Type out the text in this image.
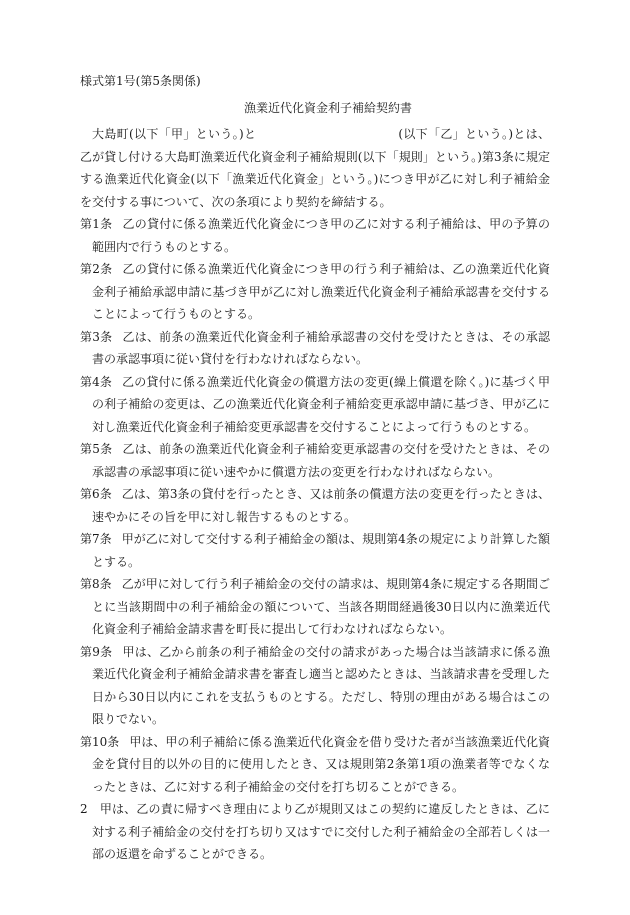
様式第1号(第5条関係)
漁業近代化資金利子補給契約書

大島町(以下「甲」という。)と	(以下「乙」という。)とは、乙が貸し付ける大島町漁業近代化資金利子補給規則(以下「規則」という。)第3条に規定する漁業近代化資金(以下「漁業近代化資金」という。)につき甲が乙に対し利子補給金を交付する事について、次の条項により契約を締結する。

第1条 乙の貸付に係る漁業近代化資金につき甲の乙に対する利子補給は、甲の予算の範囲内で行うものとする。

第2条 乙の貸付に係る漁業近代化資金につき甲の行う利子補給は、乙の漁業近代化資金利子補給承認申請に基づき甲が乙に対し漁業近代化資金利子補給承認書を交付することによって行うものとする。

第3条 乙は、前条の漁業近代化資金利子補給承認書の交付を受けたときは、その承認書の承認事項に従い貸付を行わなければならない。

第4条 乙の貸付に係る漁業近代化資金の償還方法の変更(繰上償還を除く。)に基づく甲の利子補給の変更は、乙の漁業近代化資金利子補給変更承認申請に基づき、甲が乙に対し漁業近代化資金利子補給変更承認書を交付することによって行うものとする。

第5条 乙は、前条の漁業近代化資金利子補給変更承認書の交付を受けたときは、その承認書の承認事項に従い速やかに償還方法の変更を行わなければならない。

第6条 乙は、第3条の貸付を行ったとき、又は前条の償還方法の変更を行ったときは、速やかにその旨を甲に対し報告するものとする。

第7条 甲が乙に対して交付する利子補給金の額は、規則第4条の規定により計算した額とする。

第8条 乙が甲に対して行う利子補給金の交付の請求は、規則第4条に規定する各期間ごとに当該期間中の利子補給金の額について、当該各期間経過後30日以内に漁業近代化資金利子補給金請求書を町長に提出して行わなければならない。

第9条 甲は、乙から前条の利子補給金の交付の請求があった場合は当該請求に係る漁業近代化資金利子補給金請求書を審査し適当と認めたときは、当該請求書を受理した日から30日以内にこれを支払うものとする。ただし、特別の理由がある場合はこの限りでない。

第10条 甲は、甲の利子補給に係る漁業近代化資金を借り受けた者が当該漁業近代化資金を貸付目的以外の目的に使用したとき、又は規則第2条第1項の漁業者等でなくなったときは、乙に対する利子補給金の交付を打ち切ることができる。

2 甲は、乙の責に帰すべき理由により乙が規則又はこの契約に違反したときは、乙に対する利子補給金の交付を打ち切り又はすでに交付した利子補給金の全部若しくは一部の返還を命ずることができる。
